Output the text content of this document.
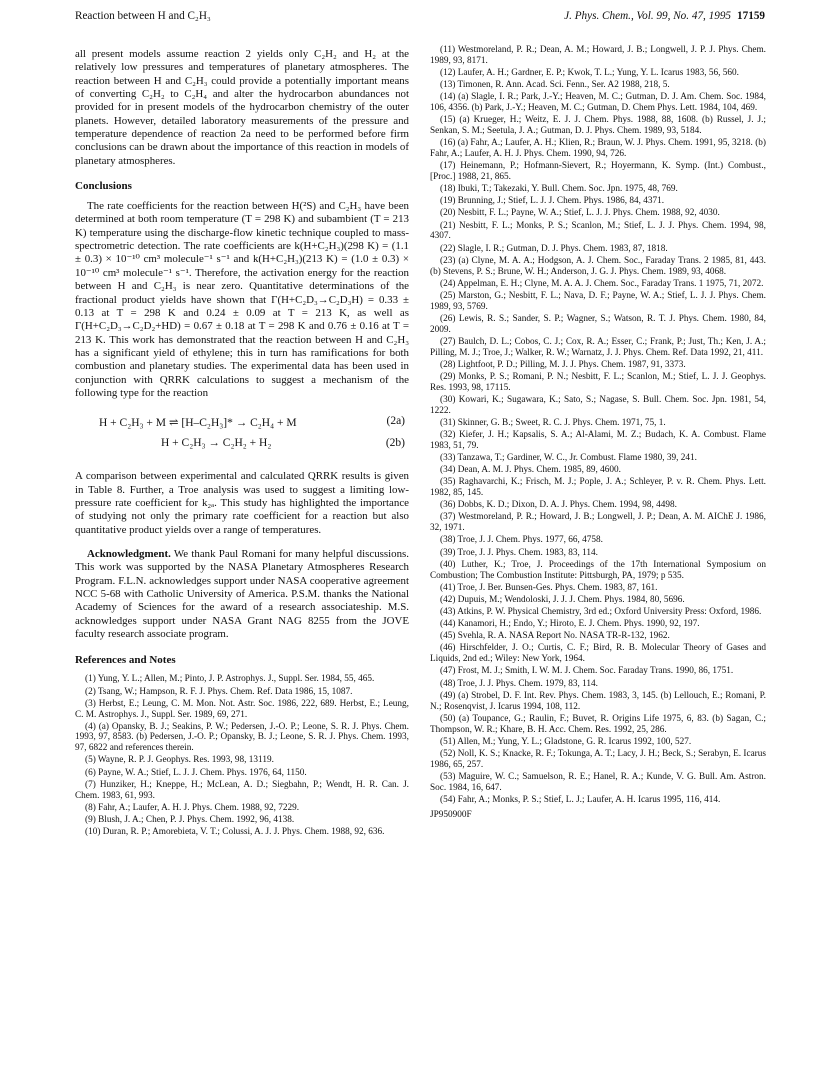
Reaction between H and C₂H₃	J. Phys. Chem., Vol. 99, No. 47, 1995 17159

all present models assume reaction 2 yields only C₂H₂ and H₂ at the relatively low pressures and temperatures of planetary atmospheres. The reaction between H and C₂H₃ could provide a potentially important means of converting C₂H₂ to C₂H₄ and alter the hydrocarbon abundances not provided for in present models of the hydrocarbon chemistry of the outer planets. However, detailed laboratory measurements of the pressure and temperature dependence of reaction 2a need to be performed before firm conclusions can be drawn about the importance of this reaction in models of planetary atmospheres.

Conclusions

The rate coefficients for the reaction between H(²S) and C₂H₃ have been determined at both room temperature (T = 298 K) and subambient (T = 213 K) temperature using the discharge-flow kinetic technique coupled to mass-spectrometric detection. The rate coefficients are k(H+C₂H₃)(298 K) = (1.1 ± 0.3) × 10⁻¹⁰ cm³ molecule⁻¹ s⁻¹ and k(H+C₂H₃)(213 K) = (1.0 ± 0.3) × 10⁻¹⁰ cm³ molecule⁻¹ s⁻¹. Therefore, the activation energy for the reaction between H and C₂H₃ is near zero. Quantitative determinations of the fractional product yields have shown that Γ(H+C₂D₃→C₂D₃H) = 0.33 ± 0.13 at T = 298 K and 0.24 ± 0.09 at T = 213 K, as well as Γ(H+C₂D₃→C₂D₂+HD) = 0.67 ± 0.18 at T = 298 K and 0.76 ± 0.16 at T = 213 K. This work has demonstrated that the reaction between H and C₂H₃ has a significant yield of ethylene; this in turn has ramifications for both combustion and planetary studies. The experimental data has been used in conjunction with QRRK calculations to suggest a mechanism of the following type for the reaction

H + C₂H₃ + M ⇌ [H–C₂H₃]* → C₂H₄ + M	(2a)
H + C₂H₃ → C₂H₂ + H₂	(2b)

A comparison between experimental and calculated QRRK results is given in Table 8. Further, a Troe analysis was used to suggest a limiting low-pressure rate coefficient for k₂ₐ. This study has highlighted the importance of studying not only the primary rate coefficient for a reaction but also quantitative product yields over a range of temperatures.

Acknowledgment. We thank Paul Romani for many helpful discussions. This work was supported by the NASA Planetary Atmospheres Research Program. F.L.N. acknowledges support under NASA cooperative agreement NCC 5-68 with Catholic University of America. P.S.M. thanks the National Academy of Sciences for the award of a research associateship. M.S. acknowledges support under NASA Grant NAG 8255 from the JOVE faculty research associate program.

References and Notes
(1) Yung, Y. L.; Allen, M.; Pinto, J. P. Astrophys. J., Suppl. Ser. 1984, 55, 465.
(2) Tsang, W.; Hampson, R. F. J. Phys. Chem. Ref. Data 1986, 15, 1087.
(3) Herbst, E.; Leung, C. M. Mon. Not. Astr. Soc. 1986, 222, 689. Herbst, E.; Leung, C. M. Astrophys. J., Suppl. Ser. 1989, 69, 271.
(4) (a) Opansky, B. J.; Seakins, P. W.; Pedersen, J.-O. P.; Leone, S. R. J. Phys. Chem. 1993, 97, 8583. (b) Pedersen, J.-O. P.; Opansky, B. J.; Leone, S. R. J. Phys. Chem. 1993, 97, 6822 and references therein.
(5) Wayne, R. P. J. Geophys. Res. 1993, 98, 13119.
(6) Payne, W. A.; Stief, L. J. J. Chem. Phys. 1976, 64, 1150.
(7) Hunziker, H.; Kneppe, H.; McLean, A. D.; Siegbahn, P.; Wendt, H. R. Can. J. Chem. 1983, 61, 993.
(8) Fahr, A.; Laufer, A. H. J. Phys. Chem. 1988, 92, 7229.
(9) Blush, J. A.; Chen, P. J. Phys. Chem. 1992, 96, 4138.
(10) Duran, R. P.; Amorebieta, V. T.; Colussi, A. J. J. Phys. Chem. 1988, 92, 636.
(11) Westmoreland, P. R.; Dean, A. M.; Howard, J. B.; Longwell, J. P. J. Phys. Chem. 1989, 93, 8171.
(12) Laufer, A. H.; Gardner, E. P.; Kwok, T. L.; Yung, Y. L. Icarus 1983, 56, 560.
(13) Timonen, R. Ann. Acad. Sci. Fenn., Ser. A2 1988, 218, 5.
(14) (a) Slagle, I. R.; Park, J.-Y.; Heaven, M. C.; Gutman, D. J. Am. Chem. Soc. 1984, 106, 4356. (b) Park, J.-Y.; Heaven, M. C.; Gutman, D. Chem Phys. Lett. 1984, 104, 469.
(15) (a) Krueger, H.; Weitz, E. J. J. Chem. Phys. 1988, 88, 1608. (b) Russel, J. J.; Senkan, S. M.; Seetula, J. A.; Gutman, D. J. Phys. Chem. 1989, 93, 5184.
(16) (a) Fahr, A.; Laufer, A. H.; Klien, R.; Braun, W. J. Phys. Chem. 1991, 95, 3218. (b) Fahr, A.; Laufer, A. H. J. Phys. Chem. 1990, 94, 726.
(17) Heinemann, P.; Hofmann-Sievert, R.; Hoyermann, K. Symp. (Int.) Combust., [Proc.] 1988, 21, 865.
(18) Ibuki, T.; Takezaki, Y. Bull. Chem. Soc. Jpn. 1975, 48, 769.
(19) Brunning, J.; Stief, L. J. J. Chem. Phys. 1986, 84, 4371.
(20) Nesbitt, F. L.; Payne, W. A.; Stief, L. J. J. Phys. Chem. 1988, 92, 4030.
(21) Nesbitt, F. L.; Monks, P. S.; Scanlon, M.; Stief, L. J. J. Phys. Chem. 1994, 98, 4307.
(22) Slagle, I. R.; Gutman, D. J. Phys. Chem. 1983, 87, 1818.
(23) (a) Clyne, M. A. A.; Hodgson, A. J. Chem. Soc., Faraday Trans. 2 1985, 81, 443. (b) Stevens, P. S.; Brune, W. H.; Anderson, J. G. J. Phys. Chem. 1989, 93, 4068.
(24) Appelman, E. H.; Clyne, M. A. A. J. Chem. Soc., Faraday Trans. 1 1975, 71, 2072.
(25) Marston, G.; Nesbitt, F. L.; Nava, D. F.; Payne, W. A.; Stief, L. J. J. Phys. Chem. 1989, 93, 5769.
(26) Lewis, R. S.; Sander, S. P.; Wagner, S.; Watson, R. T. J. Phys. Chem. 1980, 84, 2009.
(27) Baulch, D. L.; Cobos, C. J.; Cox, R. A.; Esser, C.; Frank, P.; Just, Th.; Ken, J. A.; Pilling, M. J.; Troe, J.; Walker, R. W.; Warnatz, J. J. Phys. Chem. Ref. Data 1992, 21, 411.
(28) Lightfoot, P. D.; Pilling, M. J. J. Phys. Chem. 1987, 91, 3373.
(29) Monks, P. S.; Romani, P. N.; Nesbitt, F. L.; Scanlon, M.; Stief, L. J. J. Geophys. Res. 1993, 98, 17115.
(30) Kowari, K.; Sugawara, K.; Sato, S.; Nagase, S. Bull. Chem. Soc. Jpn. 1981, 54, 1222.
(31) Skinner, G. B.; Sweet, R. C. J. Phys. Chem. 1971, 75, 1.
(32) Kiefer, J. H.; Kapsalis, S. A.; Al-Alami, M. Z.; Budach, K. A. Combust. Flame 1983, 51, 79.
(33) Tanzawa, T.; Gardiner, W. C., Jr. Combust. Flame 1980, 39, 241.
(34) Dean, A. M. J. Phys. Chem. 1985, 89, 4600.
(35) Raghavarchi, K.; Frisch, M. J.; Pople, J. A.; Schleyer, P. v. R. Chem. Phys. Lett. 1982, 85, 145.
(36) Dobbs, K. D.; Dixon, D. A. J. Phys. Chem. 1994, 98, 4498.
(37) Westmoreland, P. R.; Howard, J. B.; Longwell, J. P.; Dean, A. M. AIChE J. 1986, 32, 1971.
(38) Troe, J. J. Chem. Phys. 1977, 66, 4758.
(39) Troe, J. J. Phys. Chem. 1983, 83, 114.
(40) Luther, K.; Troe, J. Proceedings of the 17th International Symposium on Combustion; The Combustion Institute: Pittsburgh, PA, 1979; p 535.
(41) Troe, J. Ber. Bunsen-Ges. Phys. Chem. 1983, 87, 161.
(42) Dupuis, M.; Wendoloski, J. J. J. Chem. Phys. 1984, 80, 5696.
(43) Atkins, P. W. Physical Chemistry, 3rd ed.; Oxford University Press: Oxford, 1986.
(44) Kanamori, H.; Endo, Y.; Hiroto, E. J. Chem. Phys. 1990, 92, 197.
(45) Svehla, R. A. NASA Report No. NASA TR-R-132, 1962.
(46) Hirschfelder, J. O.; Curtis, C. F.; Bird, R. B. Molecular Theory of Gases and Liquids, 2nd ed.; Wiley: New York, 1964.
(47) Frost, M. J.; Smith, I. W. M. J. Chem. Soc. Faraday Trans. 1990, 86, 1751.
(48) Troe, J. J. Phys. Chem. 1979, 83, 114.
(49) (a) Strobel, D. F. Int. Rev. Phys. Chem. 1983, 3, 145. (b) Lellouch, E.; Romani, P. N.; Rosenqvist, J. Icarus 1994, 108, 112.
(50) (a) Toupance, G.; Raulin, F.; Buvet, R. Origins Life 1975, 6, 83. (b) Sagan, C.; Thompson, W. R.; Khare, B. H. Acc. Chem. Res. 1992, 25, 286.
(51) Allen, M.; Yung, Y. L.; Gladstone, G. R. Icarus 1992, 100, 527.
(52) Noll, K. S.; Knacke, R. F.; Tokunga, A. T.; Lacy, J. H.; Beck, S.; Serabyn, E. Icarus 1986, 65, 257.
(53) Maguire, W. C.; Samuelson, R. E.; Hanel, R. A.; Kunde, V. G. Bull. Am. Astron. Soc. 1984, 16, 647.
(54) Fahr, A.; Monks, P. S.; Stief, L. J.; Laufer, A. H. Icarus 1995, 116, 414.
JP950900F
